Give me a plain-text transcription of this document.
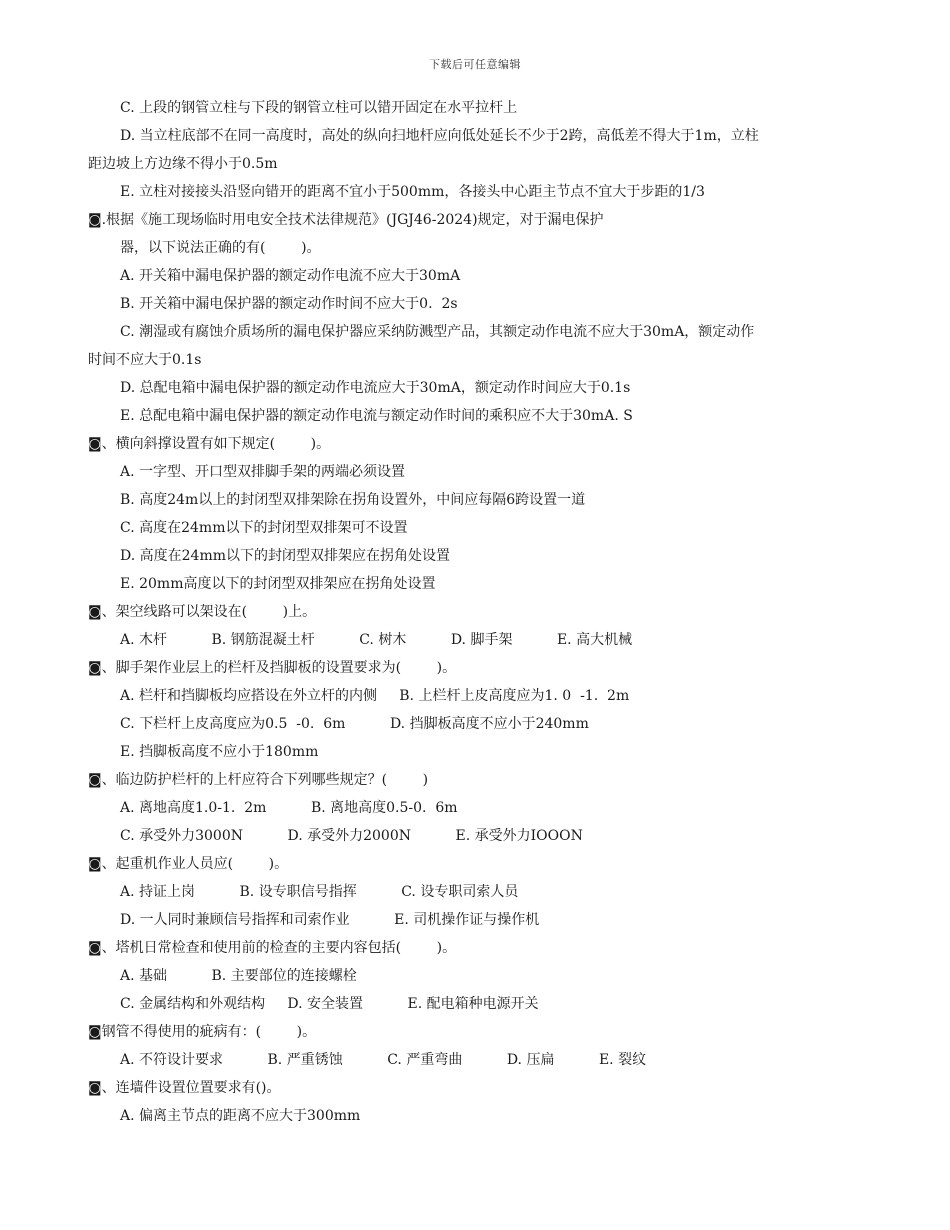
下载后可任意编辑
C. 上段的钢管立柱与下段的钢管立柱可以错开固定在水平拉杆上
D. 当立柱底部不在同一高度时，高处的纵向扫地杆应向低处延长不少于2跨，高低差不得大于1m，立柱
距边坡上方边缘不得小于0.5m
E. 立柱对接接头沿竖向错开的距离不宜小于500mm，各接头中心距主节点不宜大于步距的1/3
◙.根据《施工现场临时用电安全技术法律规范》(JGJ46-2024)规定，对于漏电保护
器，以下说法正确的有(        )。
A. 开关箱中漏电保护器的额定动作电流不应大于30mA
B. 开关箱中漏电保护器的额定动作时间不应大于0.  2s
C. 潮湿或有腐蚀介质场所的漏电保护器应采纳防溅型产品，其额定动作电流不应大于30mA，额定动作
时间不应大于0.1s
D. 总配电箱中漏电保护器的额定动作电流应大于30mA，额定动作时间应大于0.1s
E. 总配电箱中漏电保护器的额定动作电流与额定动作时间的乘积应不大于30mA. S
◙、横向斜撑设置有如下规定(        )。
A. 一字型、开口型双排脚手架的两端必须设置
B. 高度24m以上的封闭型双排架除在拐角设置外，中间应每隔6跨设置一道
C. 高度在24mm以下的封闭型双排架可不设置
D. 高度在24mm以下的封闭型双排架应在拐角处设置
E. 20mm高度以下的封闭型双排架应在拐角处设置
◙、架空线路可以架设在(        )上。
A. 木杆          B. 钢筋混凝土杆          C. 树木          D. 脚手架          E. 高大机械
◙、脚手架作业层上的栏杆及挡脚板的设置要求为(        )。
A. 栏杆和挡脚板均应搭设在外立杆的内侧     B. 上栏杆上皮高度应为1. 0  -1.  2m
C. 下栏杆上皮高度应为0.5  -0.  6m          D. 挡脚板高度不应小于240mm
E. 挡脚板高度不应小于180mm
◙、临边防护栏杆的上杆应符合下列哪些规定？(        )
A. 离地高度1.0-1.  2m          B. 离地高度0.5-0.  6m
C. 承受外力3000N          D. 承受外力2000N          E. 承受外力IOOON
◙、起重机作业人员应(        )。
A. 持证上岗          B. 设专职信号指挥          C. 设专职司索人员
D. 一人同时兼顾信号指挥和司索作业          E. 司机操作证与操作机
◙、塔机日常检查和使用前的检查的主要内容包括(        )。
A. 基础          B. 主要部位的连接螺栓
C. 金属结构和外观结构     D. 安全装置          E. 配电箱种电源开关
◙钢管不得使用的疵病有：(        )。
A. 不符设计要求          B. 严重锈蚀          C. 严重弯曲          D. 压扁          E. 裂纹
◙、连墙件设置位置要求有()。
A. 偏离主节点的距离不应大于300mm
